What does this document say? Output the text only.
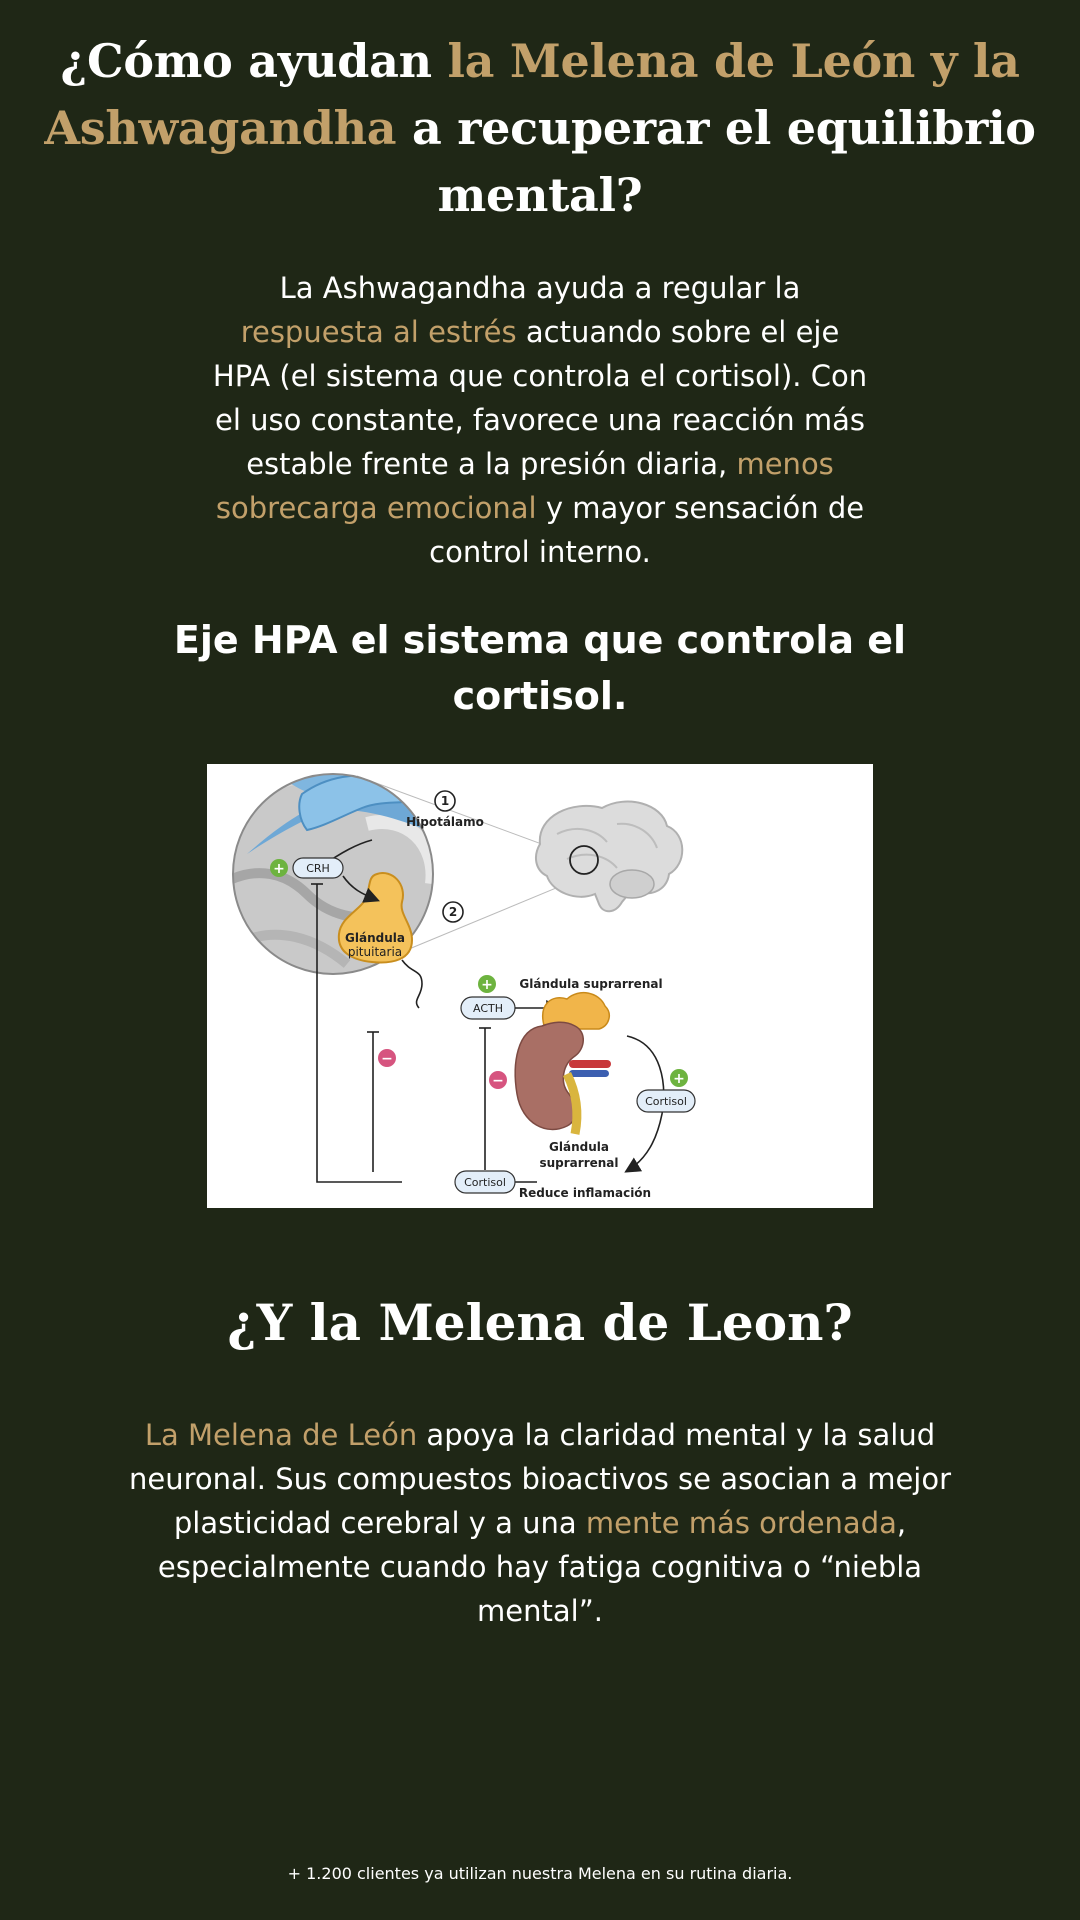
¿Cómo ayudan la Melena de León y la Ashwagandha a recuperar el equilibrio mental?

La Ashwagandha ayuda a regular la respuesta al estrés actuando sobre el eje HPA (el sistema que controla el cortisol). Con el uso constante, favorece una reacción más estable frente a la presión diaria, menos sobrecarga emocional y mayor sensación de control interno.

Eje HPA el sistema que controla el cortisol.
Glándula
pituitaria
1
Hipotálamo
2
CRH
+
+ Glándula suprarrenal
ACTH
+
Cortisol
Glándula
suprarrenal
−
−
Cortisol
Reduce inflamación
¿Y la Melena de Leon?

La Melena de León apoya la claridad mental y la salud neuronal. Sus compuestos bioactivos se asocian a mejor plasticidad cerebral y a una mente más ordenada, especialmente cuando hay fatiga cognitiva o “niebla mental”.

+ 1.200 clientes ya utilizan nuestra Melena en su rutina diaria.
